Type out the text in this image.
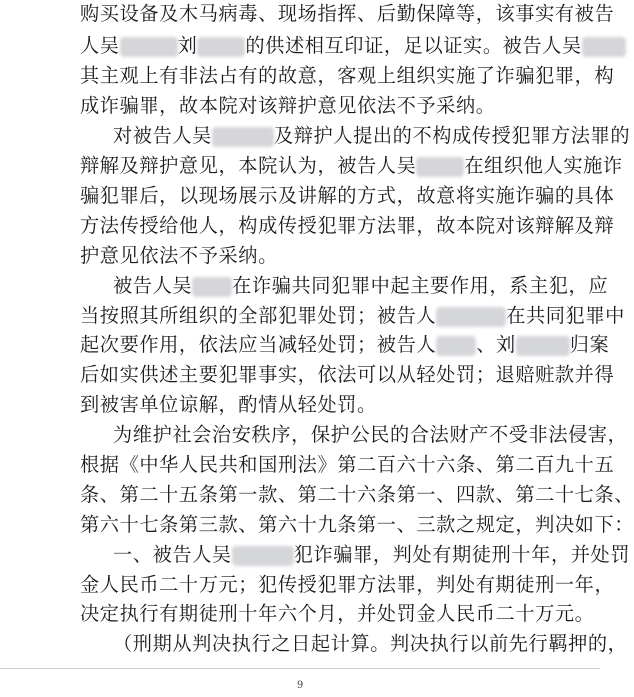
购买设备及木马病毒、现场指挥、后勤保障等，该事实有被告
人吴	刘	的供述相互印证，足以证实。被告人吴
其主观上有非法占有的故意，客观上组织实施了诈骗犯罪，构
成诈骗罪，故本院对该辩护意见依法不予采纳。
对被告人吴	及辩护人提出的不构成传授犯罪方法罪的
辩解及辩护意见，本院认为，被告人吴	在组织他人实施诈
骗犯罪后，以现场展示及讲解的方式，故意将实施诈骗的具体
方法传授给他人，构成传授犯罪方法罪，故本院对该辩解及辩
护意见依法不予采纳。
被告人吴 在诈骗共同犯罪中起主要作用，系主犯，应
当按照其所组织的全部犯罪处罚；被告人	在共同犯罪中
起次要作用，依法应当减轻处罚；被告人 、刘	归案
后如实供述主要犯罪事实，依法可以从轻处罚；退赔赃款并得
到被害单位谅解，酌情从轻处罚。
为维护社会治安秩序，保护公民的合法财产不受非法侵害，
根据《中华人民共和国刑法》第二百六十六条、第二百九十五
条、第二十五条第一款、第二十六条第一、四款、第二十七条、
第六十七条第三款、第六十九条第一、三款之规定，判决如下：
一、被告人吴	犯诈骗罪，判处有期徒刑十年，并处罚
金人民币二十万元；犯传授犯罪方法罪，判处有期徒刑一年，
决定执行有期徒刑十年六个月，并处罚金人民币二十万元。
（刑期从判决执行之日起计算。判决执行以前先行羁押的，
9
